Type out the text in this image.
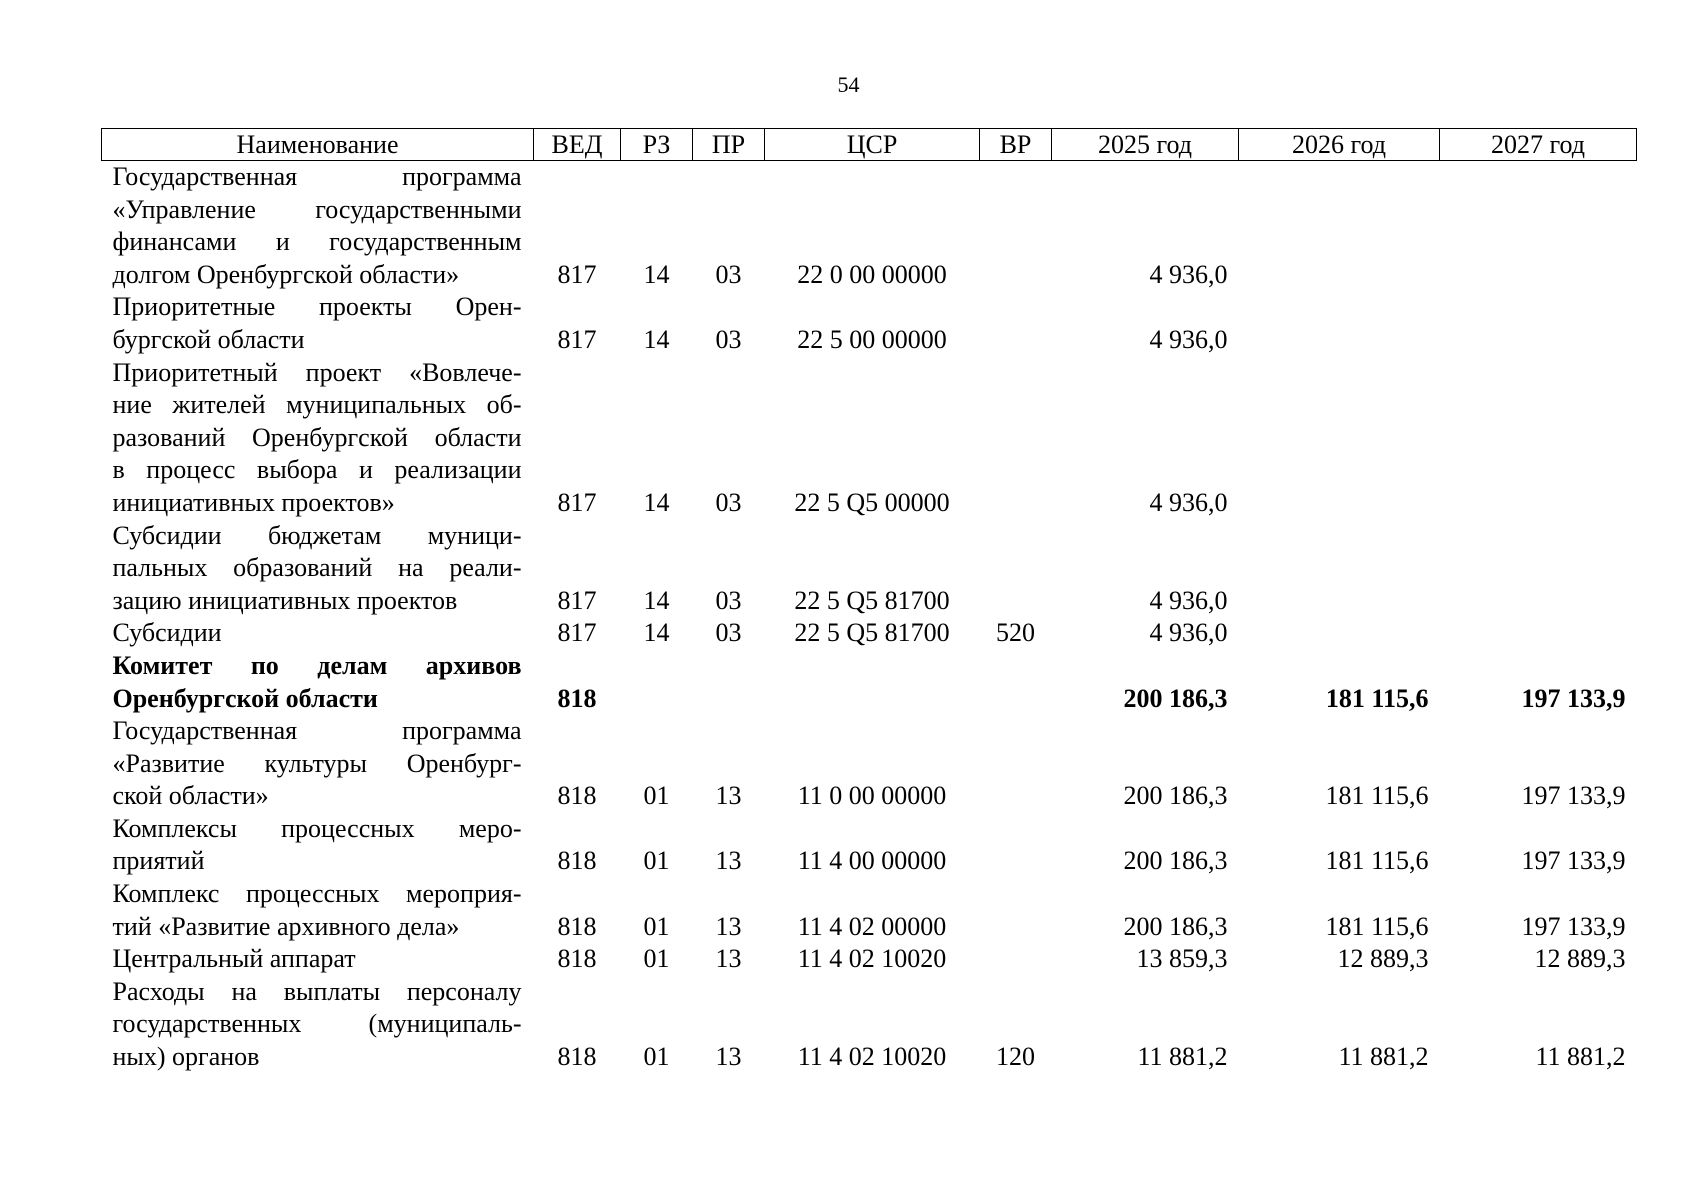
54
Наименование	ВЕД	РЗ	ПР	ЦСР	ВР	2025 год	2026 год	2027 год

Государственная программа
«Управление государственными
финансами и государственным
долгом Оренбургской области»	817	14	03	22 0 00 00000		4 936,0		

Приоритетные проекты Орен-
бургской области	817	14	03	22 5 00 00000		4 936,0		

Приоритетный проект «Вовлече-
ние жителей муниципальных об-
разований Оренбургской области
в процесс выбора и реализации
инициативных проектов»	817	14	03	22 5 Q5 00000		4 936,0		

Субсидии бюджетам муници-
пальных образований на реали-
зацию инициативных проектов	817	14	03	22 5 Q5 81700		4 936,0		

Субсидии	817	14	03	22 5 Q5 81700	520	4 936,0		

Комитет по делам архивов
Оренбургской области	818					200 186,3	181 115,6	197 133,9

Государственная программа
«Развитие культуры Оренбург-
ской области»	818	01	13	11 0 00 00000		200 186,3	181 115,6	197 133,9

Комплексы процессных меро-
приятий	818	01	13	11 4 00 00000		200 186,3	181 115,6	197 133,9

Комплекс процессных мероприя-
тий «Развитие архивного дела»	818	01	13	11 4 02 00000		200 186,3	181 115,6	197 133,9

Центральный аппарат	818	01	13	11 4 02 10020		13 859,3	12 889,3	12 889,3

Расходы на выплаты персоналу
государственных (муниципаль-
ных) органов	818	01	13	11 4 02 10020	120	11 881,2	11 881,2	11 881,2
